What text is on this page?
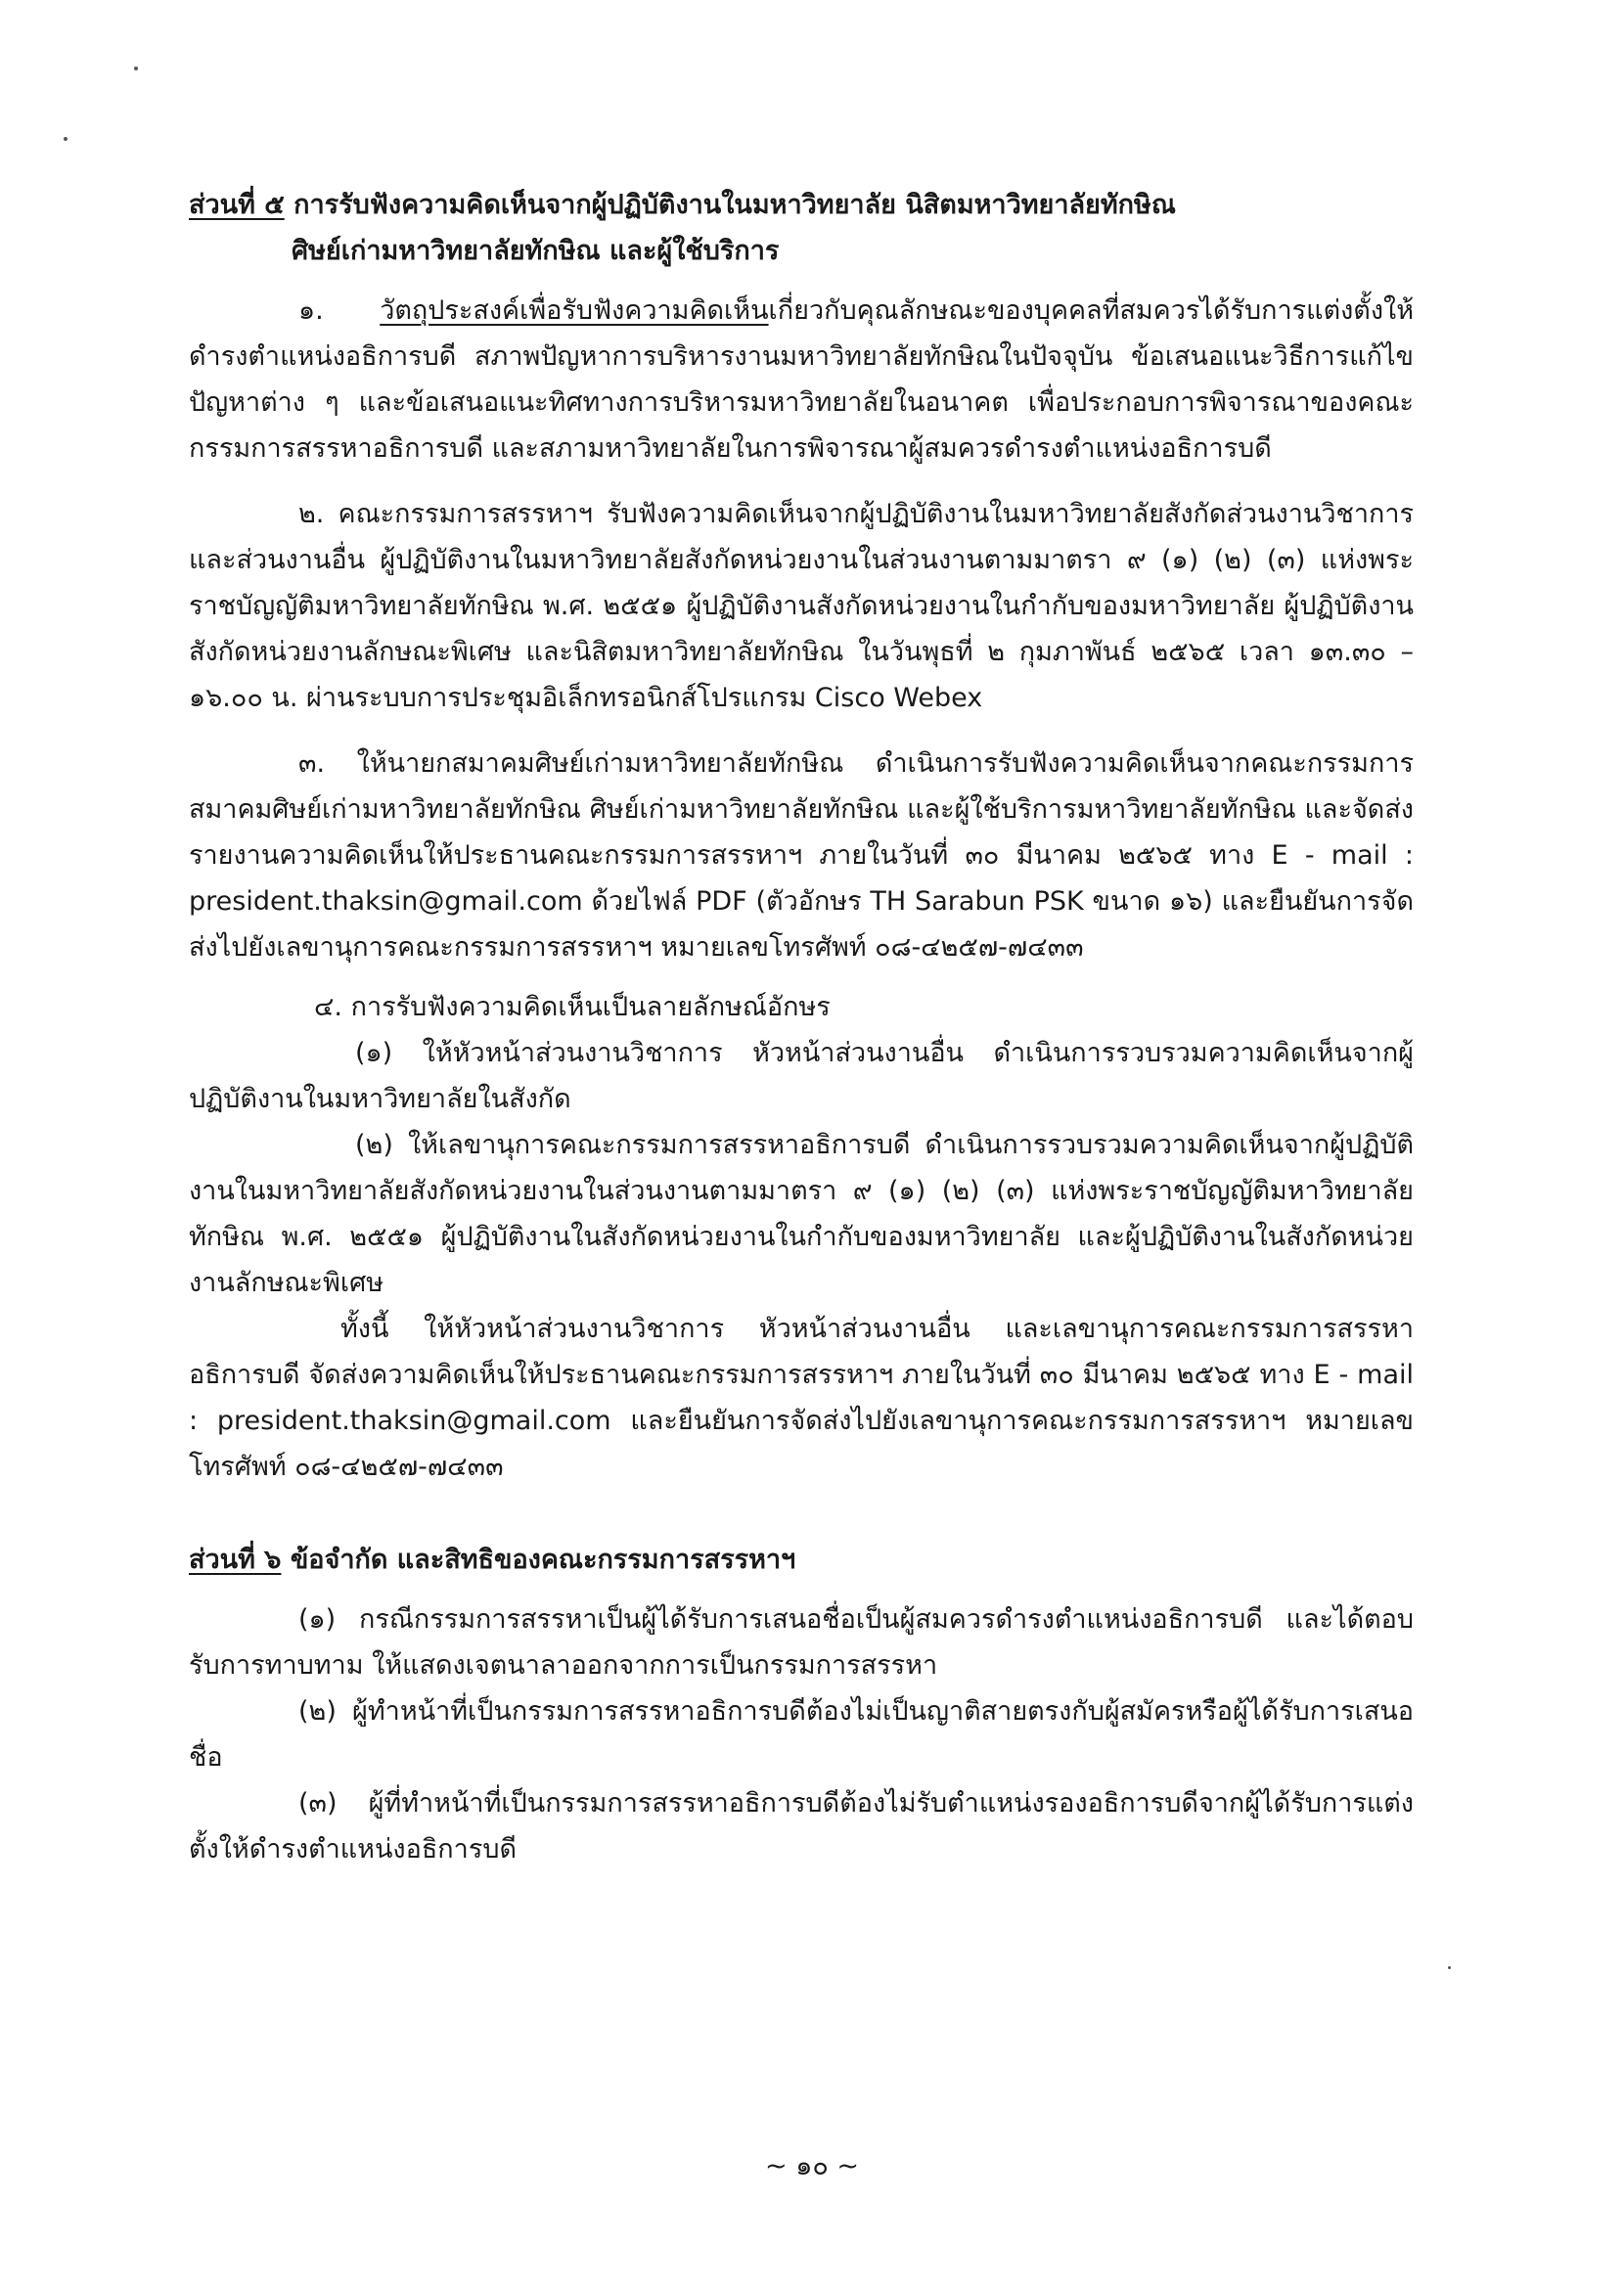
ส่วนที่ ๕ การรับฟังความคิดเห็นจากผู้ปฏิบัติงานในมหาวิทยาลัย นิสิตมหาวิทยาลัยทักษิณ
ศิษย์เก่ามหาวิทยาลัยทักษิณ และผู้ใช้บริการ

๑. วัตถุประสงค์เพื่อรับฟังความคิดเห็นเกี่ยวกับคุณลักษณะของบุคคลที่สมควรได้รับการแต่งตั้งให้ดำรงตำแหน่งอธิการบดี สภาพปัญหาการบริหารงานมหาวิทยาลัยทักษิณในปัจจุบัน ข้อเสนอแนะวิธีการแก้ไขปัญหาต่าง ๆ และข้อเสนอแนะทิศทางการบริหารมหาวิทยาลัยในอนาคต เพื่อประกอบการพิจารณาของคณะกรรมการสรรหาอธิการบดี และสภามหาวิทยาลัยในการพิจารณาผู้สมควรดำรงตำแหน่งอธิการบดี

๒. คณะกรรมการสรรหาฯ รับฟังความคิดเห็นจากผู้ปฏิบัติงานในมหาวิทยาลัยสังกัดส่วนงานวิชาการและส่วนงานอื่น ผู้ปฏิบัติงานในมหาวิทยาลัยสังกัดหน่วยงานในส่วนงานตามมาตรา ๙ (๑) (๒) (๓) แห่งพระราชบัญญัติมหาวิทยาลัยทักษิณ พ.ศ. ๒๕๕๑ ผู้ปฏิบัติงานสังกัดหน่วยงานในกำกับของมหาวิทยาลัย ผู้ปฏิบัติงานสังกัดหน่วยงานลักษณะพิเศษ และนิสิตมหาวิทยาลัยทักษิณ ในวันพุธที่ ๒ กุมภาพันธ์ ๒๕๖๕ เวลา ๑๓.๓๐ – ๑๖.๐๐ น. ผ่านระบบการประชุมอิเล็กทรอนิกส์โปรแกรม Cisco Webex

๓. ให้นายกสมาคมศิษย์เก่ามหาวิทยาลัยทักษิณ ดำเนินการรับฟังความคิดเห็นจากคณะกรรมการสมาคมศิษย์เก่ามหาวิทยาลัยทักษิณ ศิษย์เก่ามหาวิทยาลัยทักษิณ และผู้ใช้บริการมหาวิทยาลัยทักษิณ และจัดส่งรายงานความคิดเห็นให้ประธานคณะกรรมการสรรหาฯ ภายในวันที่ ๓๐ มีนาคม ๒๕๖๕ ทาง E - mail : president.thaksin@gmail.com ด้วยไฟล์ PDF (ตัวอักษร TH Sarabun PSK ขนาด ๑๖) และยืนยันการจัดส่งไปยังเลขานุการคณะกรรมการสรรหาฯ หมายเลขโทรศัพท์ ๐๘-๔๒๕๗-๗๔๓๓

๔. การรับฟังความคิดเห็นเป็นลายลักษณ์อักษร

(๑) ให้หัวหน้าส่วนงานวิชาการ หัวหน้าส่วนงานอื่น ดำเนินการรวบรวมความคิดเห็นจากผู้ปฏิบัติงานในมหาวิทยาลัยในสังกัด

(๒) ให้เลขานุการคณะกรรมการสรรหาอธิการบดี ดำเนินการรวบรวมความคิดเห็นจากผู้ปฏิบัติงานในมหาวิทยาลัยสังกัดหน่วยงานในส่วนงานตามมาตรา ๙ (๑) (๒) (๓) แห่งพระราชบัญญัติมหาวิทยาลัยทักษิณ พ.ศ. ๒๕๕๑ ผู้ปฏิบัติงานในสังกัดหน่วยงานในกำกับของมหาวิทยาลัย และผู้ปฏิบัติงานในสังกัดหน่วยงานลักษณะพิเศษ

ทั้งนี้ ให้หัวหน้าส่วนงานวิชาการ หัวหน้าส่วนงานอื่น และเลขานุการคณะกรรมการสรรหาอธิการบดี จัดส่งความคิดเห็นให้ประธานคณะกรรมการสรรหาฯ ภายในวันที่ ๓๐ มีนาคม ๒๕๖๕ ทาง E - mail : president.thaksin@gmail.com และยืนยันการจัดส่งไปยังเลขานุการคณะกรรมการสรรหาฯ หมายเลขโทรศัพท์ ๐๘-๔๒๕๗-๗๔๓๓

ส่วนที่ ๖ ข้อจำกัด และสิทธิของคณะกรรมการสรรหาฯ

(๑) กรณีกรรมการสรรหาเป็นผู้ได้รับการเสนอชื่อเป็นผู้สมควรดำรงตำแหน่งอธิการบดี และได้ตอบรับการทาบทาม ให้แสดงเจตนาลาออกจากการเป็นกรรมการสรรหา

(๒) ผู้ทำหน้าที่เป็นกรรมการสรรหาอธิการบดีต้องไม่เป็นญาติสายตรงกับผู้สมัครหรือผู้ได้รับการเสนอชื่อ

(๓) ผู้ที่ทำหน้าที่เป็นกรรมการสรรหาอธิการบดีต้องไม่รับตำแหน่งรองอธิการบดีจากผู้ได้รับการแต่งตั้งให้ดำรงตำแหน่งอธิการบดี

~ ๑๐ ~
